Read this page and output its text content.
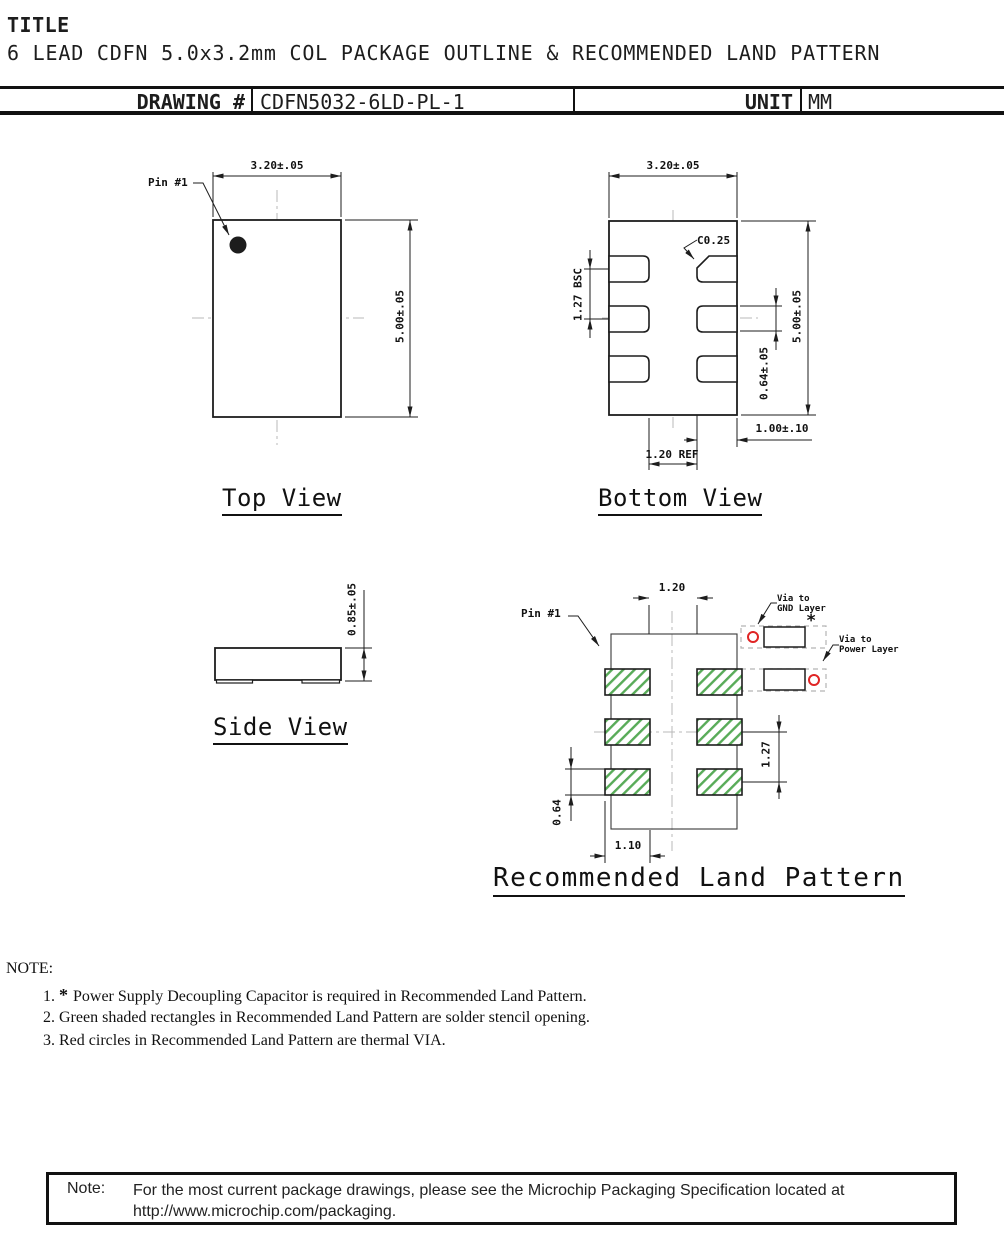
TITLE
6 LEAD CDFN 5.0x3.2mm COL PACKAGE OUTLINE & RECOMMENDED LAND PATTERN
DRAWING # CDFN5032-6LD-PL-1	UNIT MM
Pin #1
3.20±.05
5.00±.05
Top View
3.20±.05
C0.25
1.27 BSC
0.64±.05
5.00±.05
1.00±.10
1.20 REF
Bottom View
0.85±.05
Side View
Pin #1
1.20
Via to
GND Layer
*
Via to
Power Layer
1.27
0.64
1.10
Recommended Land Pattern
NOTE:
1. * Power Supply Decoupling Capacitor is required in Recommended Land Pattern.
2. Green shaded rectangles in Recommended Land Pattern are solder stencil opening.
3. Red circles in Recommended Land Pattern are thermal VIA.
Note: For the most current package drawings, please see the Microchip Packaging Specification located at
http://www.microchip.com/packaging.
